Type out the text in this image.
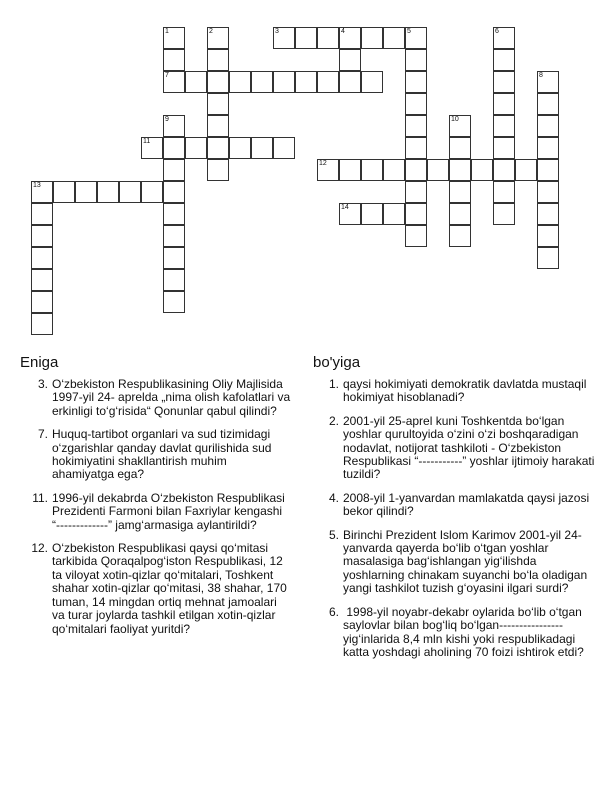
1
7
2	3	4	5	6
8
9	10
11
12
13
14
Eniga
3. O‘zbekiston Respublikasining Oliy Majlisida
1997-yil 24- aprelda „nima olish kafolatlari va erkinligi to‘g‘risida“ Qonunlar qabul qilindi?
7. Huquq-tartibot organlari va sud tizimidagi o‘zgarishlar qanday davlat qurilishida sud hokimiyatini shakllantirish muhim ahamiyatga ega?
11. 1996-yil dekabrda O‘zbekiston Respublikasi Prezidenti Farmoni bilan Faxriylar kengashi “-------------” jamg‘armasiga aylantirildi?
12. O‘zbekiston Respublikasi qaysi qo‘mitasi tarkibida Qoraqalpog‘iston Respublikasi, 12 ta viloyat xotin-qizlar qo‘mitalari, Toshkent shahar xotin-qizlar qo‘mitasi, 38 shahar, 170 tuman, 14 mingdan ortiq mehnat jamoalari va turar joylarda tashkil etilgan xotin-qizlar qo‘mitalari faoliyat yuritdi?
bo'yiga
1. qaysi hokimiyati demokratik davlatda mustaqil hokimiyat hisoblanadi?
2. 2001-yil 25-aprel kuni Toshkentda bo‘lgan yoshlar qurultoyida o‘zini o‘zi boshqaradigan nodavlat, notijorat tashkiloti - O‘zbekiston Respublikasi “-----------” yoshlar ijtimoiy harakati tuzildi?
4. 2008-yil 1-yanvardan mamlakatda qaysi jazosi bekor qilindi?
5. Birinchi Prezident Islom Karimov 2001-yil 24-yanvarda qayerda bo‘lib o‘tgan yoshlar masalasiga bag‘ishlangan yig‘ilishda yoshlarning chinakam suyanchi bo‘la oladigan yangi tashkilot tuzish g‘oyasini ilgari surdi?
6. 1998-yil noyabr-dekabr oylarida bo‘lib o‘tgan saylovlar bilan bog‘liq bo‘lgan---------------- yig‘inlarida 8,4 mln kishi yoki respublikadagi katta yoshdagi aholining 70 foizi ishtirok etdi?
